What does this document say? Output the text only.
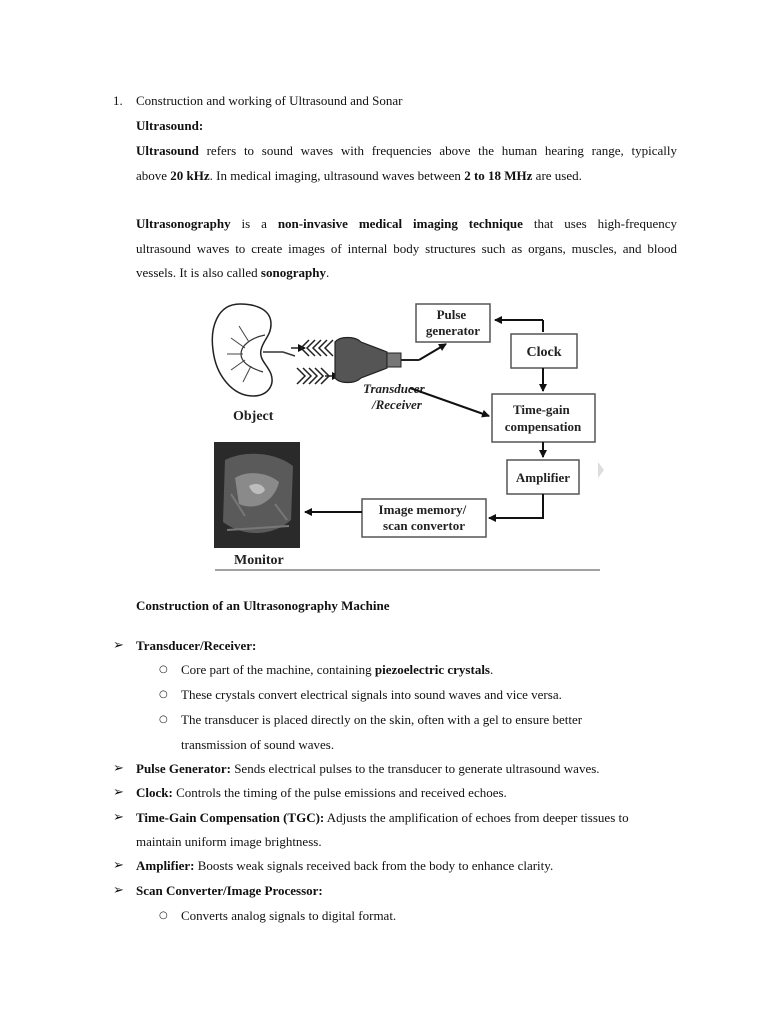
1. Construction and working of Ultrasound and Sonar
Ultrasound:
Ultrasound refers to sound waves with frequencies above the human hearing range, typically
above 20 kHz. In medical imaging, ultrasound waves between 2 to 18 MHz are used.
Ultrasonography is a non-invasive medical imaging technique that uses high-frequency
ultrasound waves to create images of internal body structures such as organs, muscles, and blood
vessels. It is also called sonography.
Object
Transducer /Receiver
Pulse generator
Clock
Time-gain compensation
Amplifier
Image memory/ scan convertor
Monitor
Construction of an Ultrasonography Machine
➢ Transducer/Receiver:
○ Core part of the machine, containing piezoelectric crystals.
○ These crystals convert electrical signals into sound waves and vice versa.
○ The transducer is placed directly on the skin, often with a gel to ensure better
transmission of sound waves.
➢ Pulse Generator: Sends electrical pulses to the transducer to generate ultrasound waves.
➢ Clock: Controls the timing of the pulse emissions and received echoes.
➢ Time-Gain Compensation (TGC): Adjusts the amplification of echoes from deeper tissues to
maintain uniform image brightness.
➢ Amplifier: Boosts weak signals received back from the body to enhance clarity.
➢ Scan Converter/Image Processor:
○ Converts analog signals to digital format.
